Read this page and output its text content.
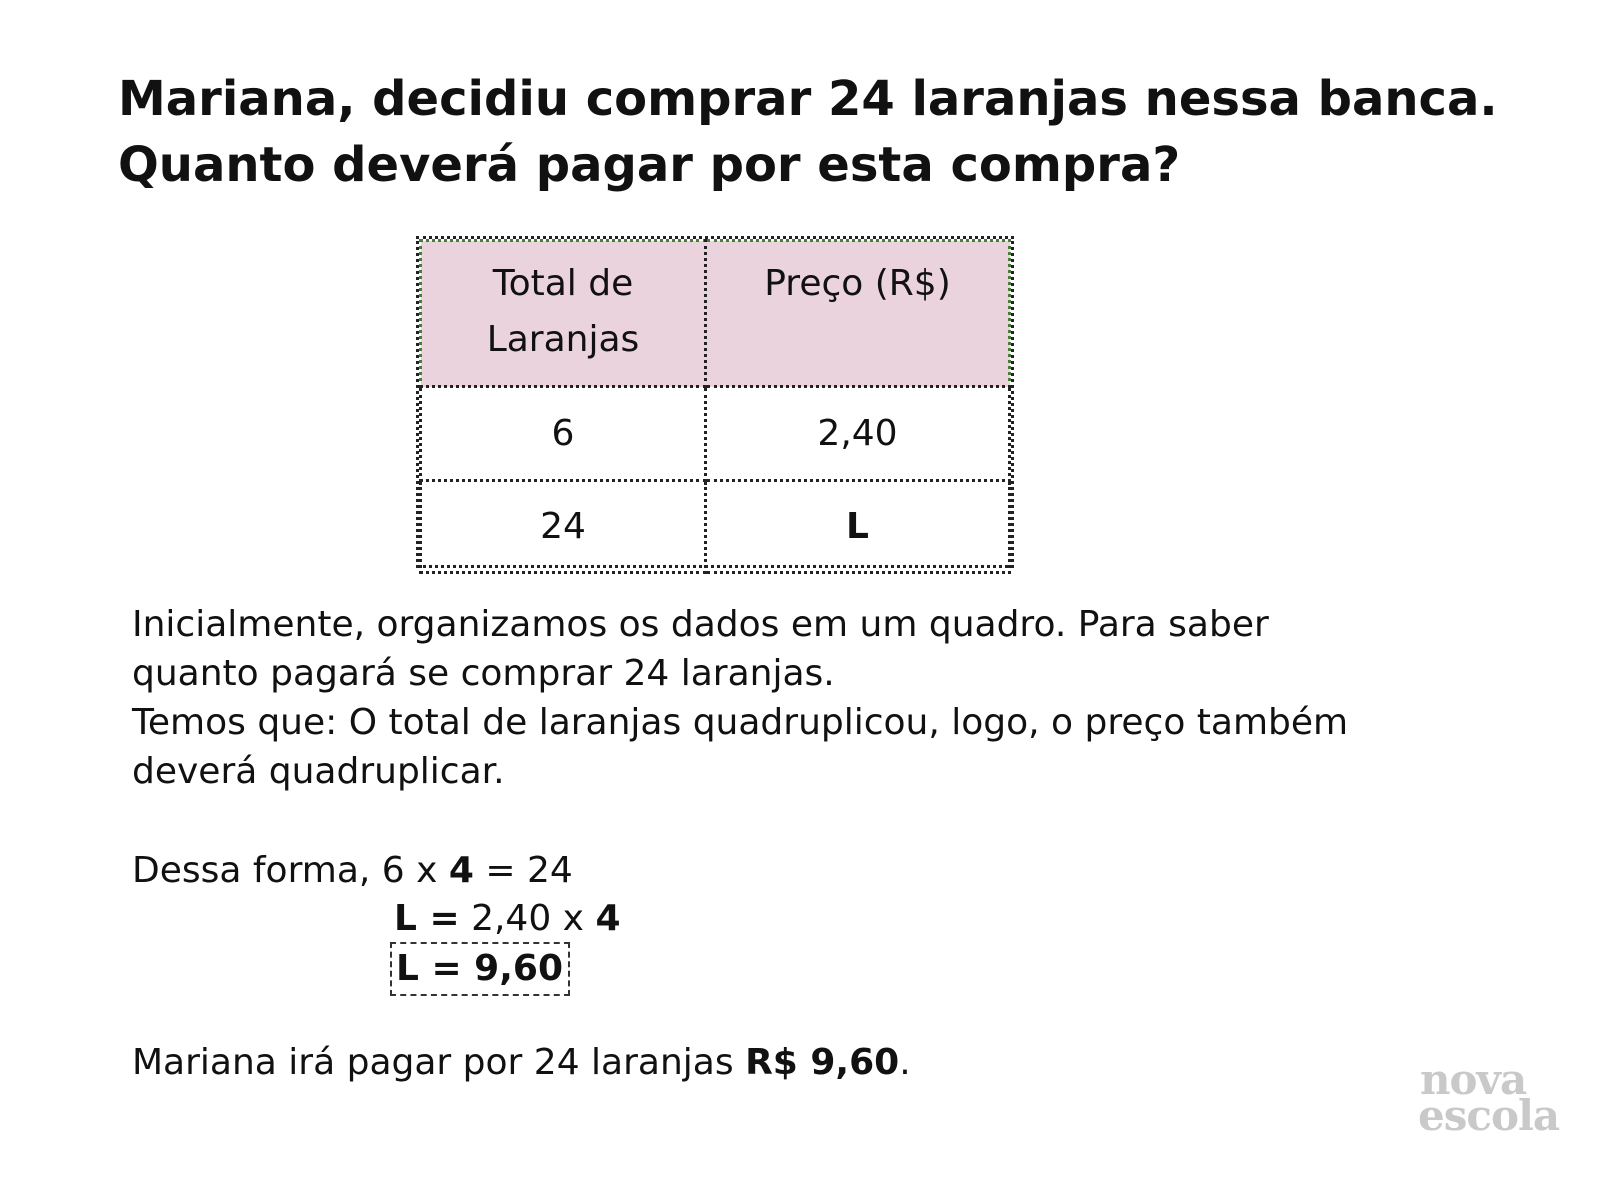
Mariana, decidiu comprar 24 laranjas nessa banca.
Quanto deverá pagar por esta compra?
Total de
Laranjas	Preço (R$)
6	2,40
24	L

Inicialmente, organizamos os dados em um quadro. Para saber

quanto pagará se comprar 24 laranjas.

Temos que: O total de laranjas quadruplicou, logo, o preço também

deverá quadruplicar.

Dessa forma, 6 x 4 = 24
L = 2,40 x 4
L = 9,60
Mariana irá pagar por 24 laranjas R$ 9,60.	nova
escola
